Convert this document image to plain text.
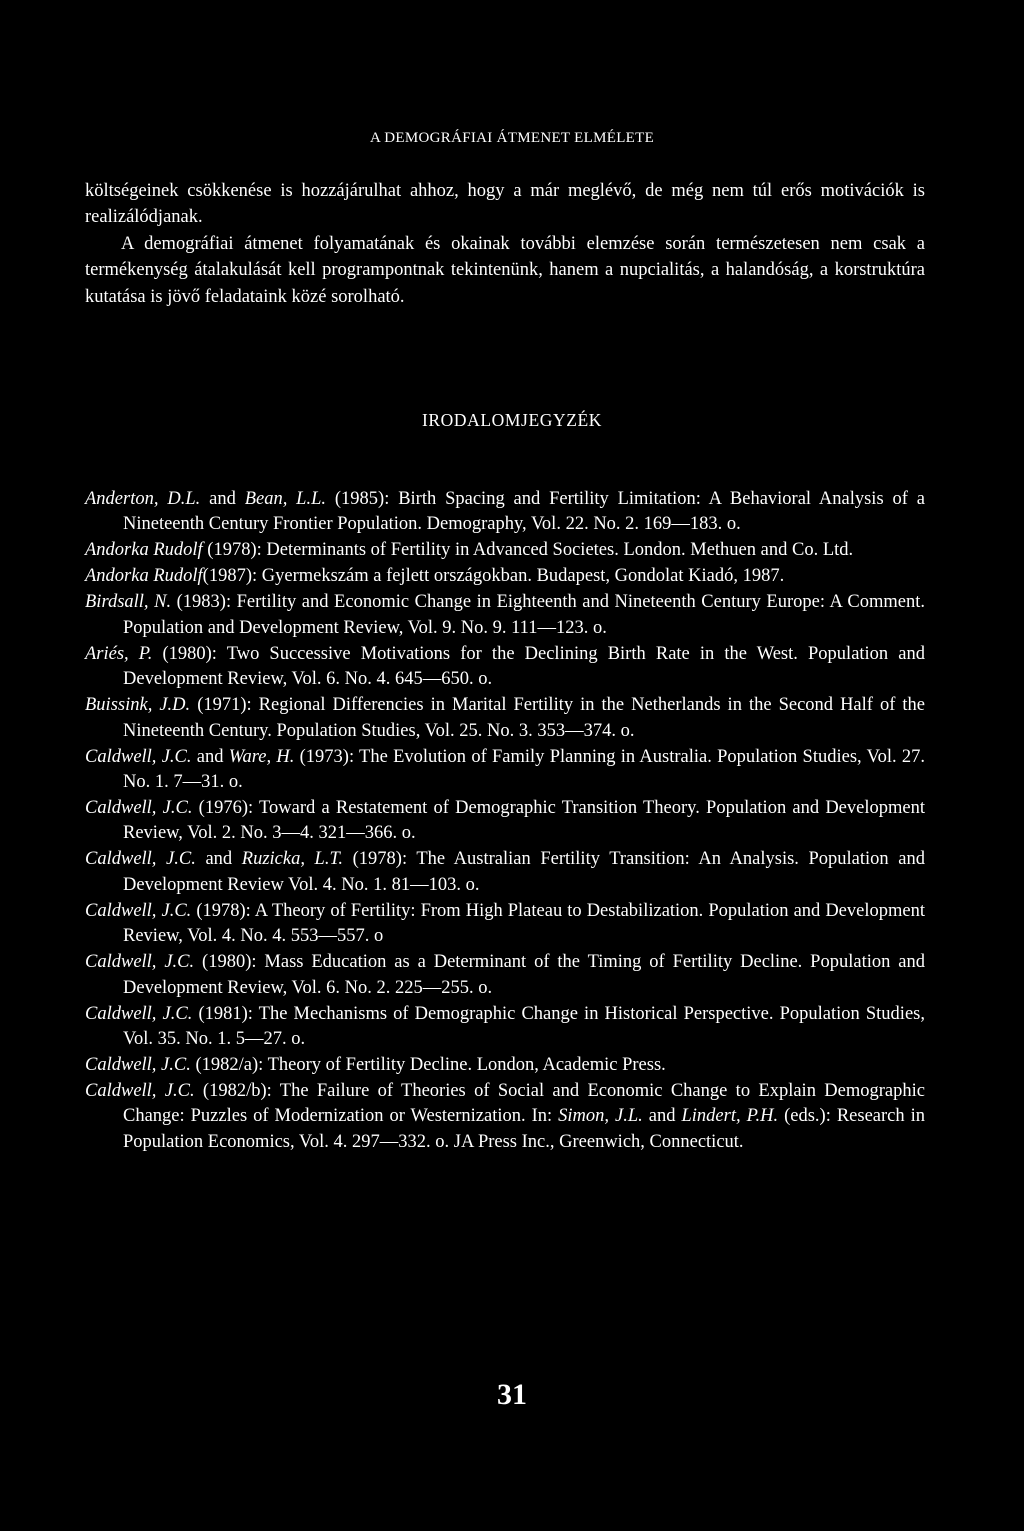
A DEMOGRÁFIAI ÁTMENET ELMÉLETE

költségeinek csökkenése is hozzájárulhat ahhoz, hogy a már meglévő, de még nem túl erős motivációk is realizálódjanak.

A demográfiai átmenet folyamatának és okainak további elemzése során természetesen nem csak a termékenység átalakulását kell programpontnak tekintenünk, hanem a nupcialitás, a halandóság, a korstruktúra kutatása is jövő feladataink közé sorolható.

Anderton, D.L. and Bean, L.L. (1985): Birth Spacing and Fertility Limitation: A Behavioral Analysis of a Nineteenth Century Frontier Population. Demography, Vol. 22. No. 2. 169—183. o.

Andorka Rudolf (1978): Determinants of Fertility in Advanced Societes. London. Methuen and Co. Ltd.

Andorka Rudolf(1987): Gyermekszám a fejlett országokban. Budapest, Gondolat Kiadó, 1987.

Birdsall, N. (1983): Fertility and Economic Change in Eighteenth and Nineteenth Century Europe: A Comment. Population and Development Review, Vol. 9. No. 9. 111—123. o.

Ariés, P. (1980): Two Successive Motivations for the Declining Birth Rate in the West. Population and Development Review, Vol. 6. No. 4. 645—650. o.

Buissink, J.D. (1971): Regional Differencies in Marital Fertility in the Netherlands in the Second Half of the Nineteenth Century. Population Studies, Vol. 25. No. 3. 353—374. o.

Caldwell, J.C. and Ware, H. (1973): The Evolution of Family Planning in Australia. Population Studies, Vol. 27. No. 1. 7—31. o.

Caldwell, J.C. (1976): Toward a Restatement of Demographic Transition Theory. Population and Development Review, Vol. 2. No. 3—4. 321—366. o.

Caldwell, J.C. and Ruzicka, L.T. (1978): The Australian Fertility Transition: An Analysis. Population and Development Review Vol. 4. No. 1. 81—103. o.

Caldwell, J.C. (1978): A Theory of Fertility: From High Plateau to Destabilization. Population and Development Review, Vol. 4. No. 4. 553—557. o

Caldwell, J.C. (1980): Mass Education as a Determinant of the Timing of Fertility Decline. Population and Development Review, Vol. 6. No. 2. 225—255. o.

Caldwell, J.C. (1981): The Mechanisms of Demographic Change in Historical Perspective. Population Studies, Vol. 35. No. 1. 5—27. o.

Caldwell, J.C. (1982/a): Theory of Fertility Decline. London, Academic Press.

Caldwell, J.C. (1982/b): The Failure of Theories of Social and Economic Change to Explain Demographic Change: Puzzles of Modernization or Westernization. In: Simon, J.L. and Lindert, P.H. (eds.): Research in Population Economics, Vol. 4. 297—332. o. JA Press Inc., Greenwich, Connecticut.

IRODALOMJEGYZÉK
31
